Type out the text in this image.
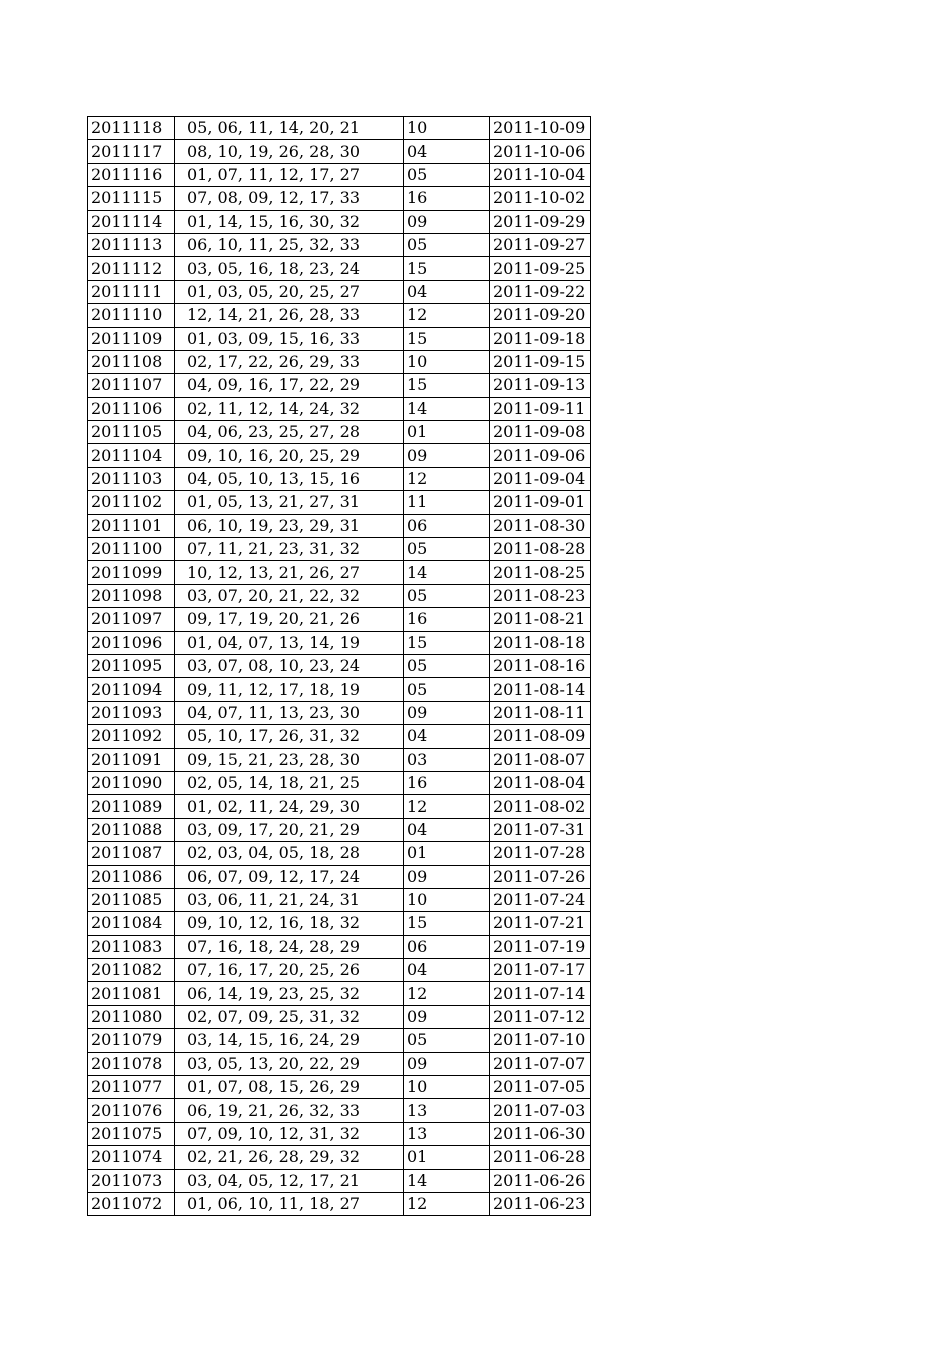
2011118	05, 06, 11, 14, 20, 21	10	2011-10-09
2011117	08, 10, 19, 26, 28, 30	04	2011-10-06
2011116	01, 07, 11, 12, 17, 27	05	2011-10-04
2011115	07, 08, 09, 12, 17, 33	16	2011-10-02
2011114	01, 14, 15, 16, 30, 32	09	2011-09-29
2011113	06, 10, 11, 25, 32, 33	05	2011-09-27
2011112	03, 05, 16, 18, 23, 24	15	2011-09-25
2011111	01, 03, 05, 20, 25, 27	04	2011-09-22
2011110	12, 14, 21, 26, 28, 33	12	2011-09-20
2011109	01, 03, 09, 15, 16, 33	15	2011-09-18
2011108	02, 17, 22, 26, 29, 33	10	2011-09-15
2011107	04, 09, 16, 17, 22, 29	15	2011-09-13
2011106	02, 11, 12, 14, 24, 32	14	2011-09-11
2011105	04, 06, 23, 25, 27, 28	01	2011-09-08
2011104	09, 10, 16, 20, 25, 29	09	2011-09-06
2011103	04, 05, 10, 13, 15, 16	12	2011-09-04
2011102	01, 05, 13, 21, 27, 31	11	2011-09-01
2011101	06, 10, 19, 23, 29, 31	06	2011-08-30
2011100	07, 11, 21, 23, 31, 32	05	2011-08-28
2011099	10, 12, 13, 21, 26, 27	14	2011-08-25
2011098	03, 07, 20, 21, 22, 32	05	2011-08-23
2011097	09, 17, 19, 20, 21, 26	16	2011-08-21
2011096	01, 04, 07, 13, 14, 19	15	2011-08-18
2011095	03, 07, 08, 10, 23, 24	05	2011-08-16
2011094	09, 11, 12, 17, 18, 19	05	2011-08-14
2011093	04, 07, 11, 13, 23, 30	09	2011-08-11
2011092	05, 10, 17, 26, 31, 32	04	2011-08-09
2011091	09, 15, 21, 23, 28, 30	03	2011-08-07
2011090	02, 05, 14, 18, 21, 25	16	2011-08-04
2011089	01, 02, 11, 24, 29, 30	12	2011-08-02
2011088	03, 09, 17, 20, 21, 29	04	2011-07-31
2011087	02, 03, 04, 05, 18, 28	01	2011-07-28
2011086	06, 07, 09, 12, 17, 24	09	2011-07-26
2011085	03, 06, 11, 21, 24, 31	10	2011-07-24
2011084	09, 10, 12, 16, 18, 32	15	2011-07-21
2011083	07, 16, 18, 24, 28, 29	06	2011-07-19
2011082	07, 16, 17, 20, 25, 26	04	2011-07-17
2011081	06, 14, 19, 23, 25, 32	12	2011-07-14
2011080	02, 07, 09, 25, 31, 32	09	2011-07-12
2011079	03, 14, 15, 16, 24, 29	05	2011-07-10
2011078	03, 05, 13, 20, 22, 29	09	2011-07-07
2011077	01, 07, 08, 15, 26, 29	10	2011-07-05
2011076	06, 19, 21, 26, 32, 33	13	2011-07-03
2011075	07, 09, 10, 12, 31, 32	13	2011-06-30
2011074	02, 21, 26, 28, 29, 32	01	2011-06-28
2011073	03, 04, 05, 12, 17, 21	14	2011-06-26
2011072	01, 06, 10, 11, 18, 27	12	2011-06-23
